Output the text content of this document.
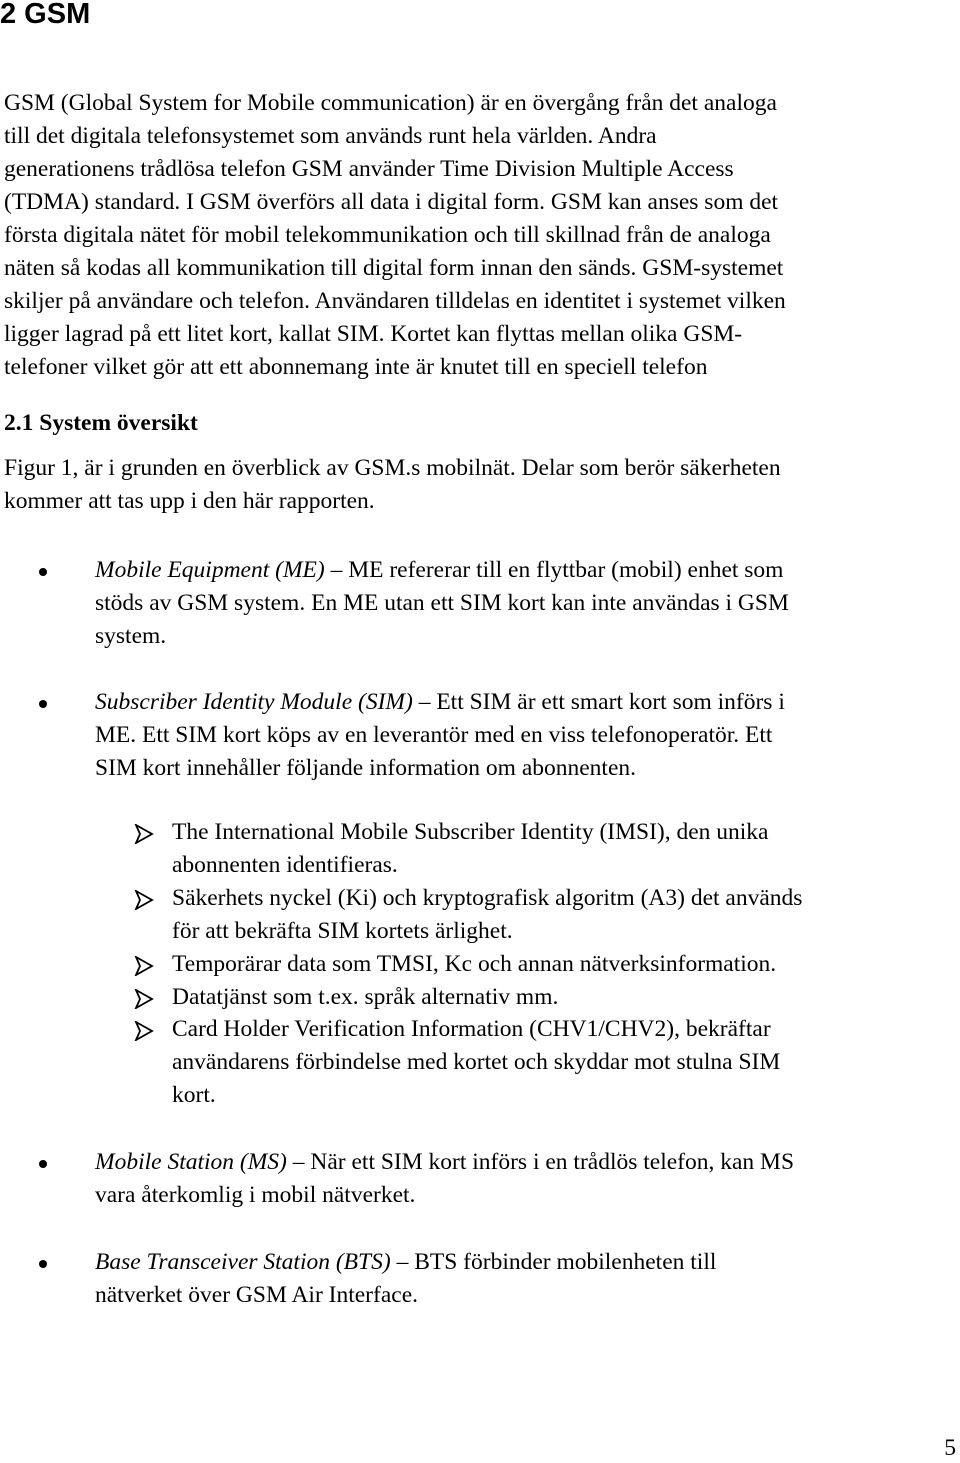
2 GSM

GSM (Global System for Mobile communication) är en övergång från det analoga
till det digitala telefonsystemet som används runt hela världen. Andra
generationens trådlösa telefon GSM använder Time Division Multiple Access
(TDMA) standard. I GSM överförs all data i digital form. GSM kan anses som det
första digitala nätet för mobil telekommunikation och till skillnad från de analoga
näten så kodas all kommunikation till digital form innan den sänds. GSM-systemet
skiljer på användare och telefon. Användaren tilldelas en identitet i systemet vilken
ligger lagrad på ett litet kort, kallat SIM. Kortet kan flyttas mellan olika GSM-
telefoner vilket gör att ett abonnemang inte är knutet till en speciell telefon

2.1 System översikt

Figur 1, är i grunden en överblick av GSM.s mobilnät. Delar som berör säkerheten
kommer att tas upp i den här rapporten.

Mobile Equipment (ME) – ME refererar till en flyttbar (mobil) enhet som
stöds av GSM system. En ME utan ett SIM kort kan inte användas i GSM
system.
Subscriber Identity Module (SIM) – Ett SIM är ett smart kort som införs i
ME. Ett SIM kort köps av en leverantör med en viss telefonoperatör. Ett
SIM kort innehåller följande information om abonnenten.
The International Mobile Subscriber Identity (IMSI), den unika
abonnenten identifieras.
Säkerhets nyckel (Ki) och kryptografisk algoritm (A3) det används
för att bekräfta SIM kortets ärlighet.
Temporärar data som TMSI, Kc och annan nätverksinformation.
Datatjänst som t.ex. språk alternativ mm.
Card Holder Verification Information (CHV1/CHV2), bekräftar
användarens förbindelse med kortet och skyddar mot stulna SIM
kort.
Mobile Station (MS) – När ett SIM kort införs i en trådlös telefon, kan MS
vara återkomlig i mobil nätverket.
Base Transceiver Station (BTS) – BTS förbinder mobilenheten till
nätverket över GSM Air Interface.

5
